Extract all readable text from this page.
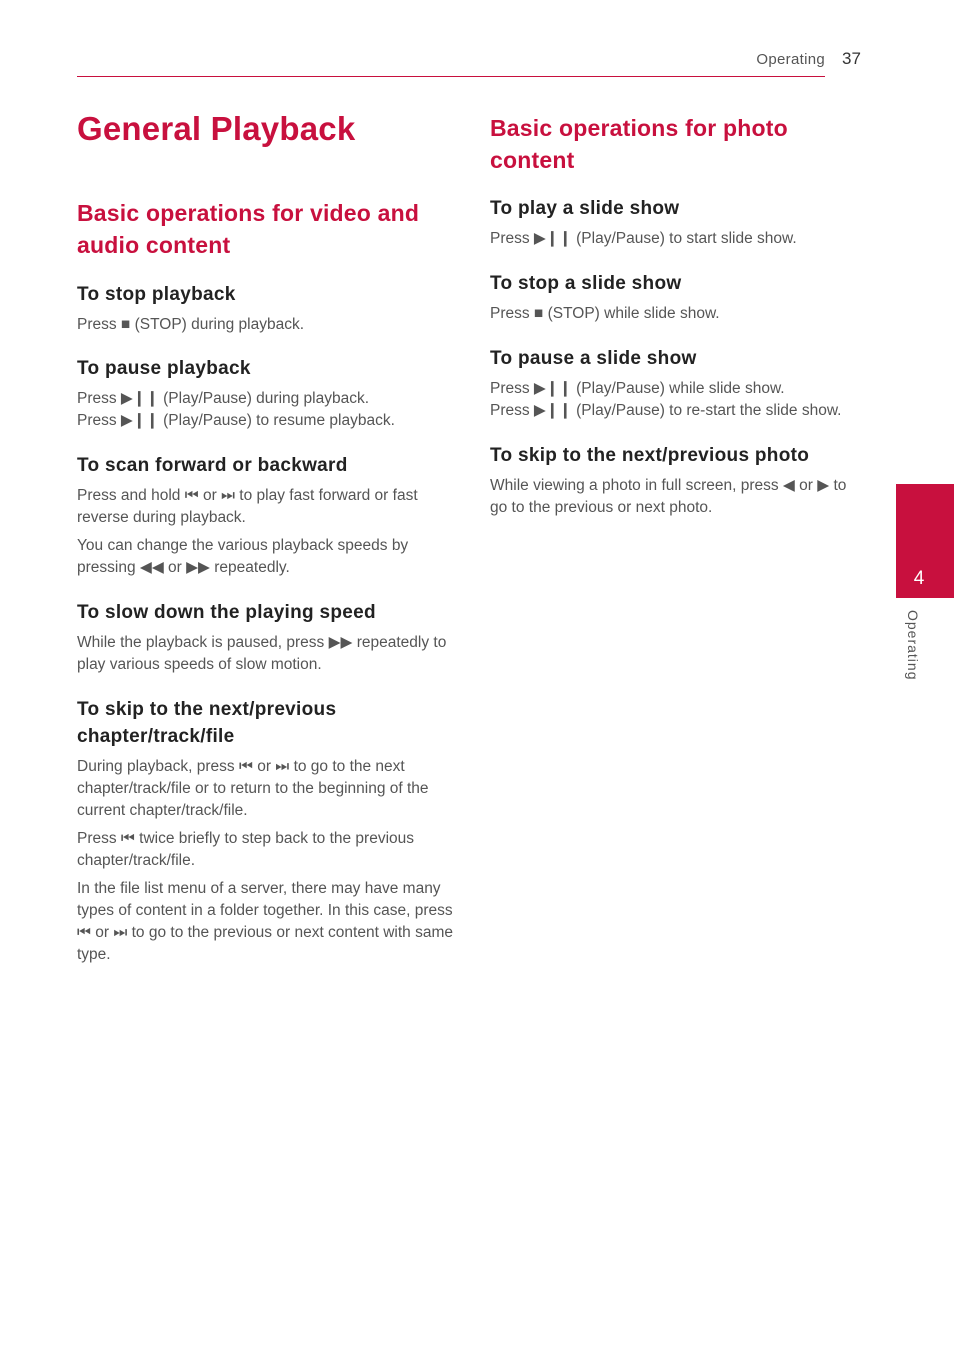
Operating 37
General Playback
Basic operations for video and audio content
To stop playback

Press ■ (STOP) during playback.

To pause playback

Press ▶❙❙ (Play/Pause) during playback.

Press ▶❙❙ (Play/Pause) to resume playback.

To scan forward or backward

Press and hold ⏮ or ⏭ to play fast forward or fast reverse during playback.

You can change the various playback speeds by pressing ◀◀ or ▶▶ repeatedly.

To slow down the playing speed

While the playback is paused, press ▶▶ repeatedly to play various speeds of slow motion.

To skip to the next/previous chapter/track/file

During playback, press ⏮ or ⏭ to go to the next chapter/track/file or to return to the beginning of the current chapter/track/file.

Press ⏮ twice briefly to step back to the previous chapter/track/file.

In the file list menu of a server, there may have many types of content in a folder together. In this case, press ⏮ or ⏭ to go to the previous or next content with same type.

Basic operations for photo content
To play a slide show

Press ▶❙❙ (Play/Pause) to start slide show.

To stop a slide show

Press ■ (STOP) while slide show.

To pause a slide show

Press ▶❙❙ (Play/Pause) while slide show.

Press ▶❙❙ (Play/Pause) to re-start the slide show.

To skip to the next/previous photo

While viewing a photo in full screen, press ◀ or ▶ to go to the previous or next photo.

4
Operating
